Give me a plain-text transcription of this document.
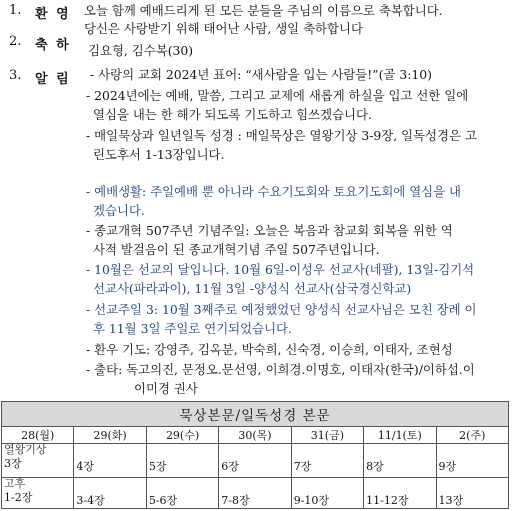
1. 환 영 오늘 함께 예배드리게 된 모든 분들을 주님의 이름으로 축복합니다.
2. 축 하
당신은 사랑받기 위해 태어난 사람, 생일 축하합니다
김요형, 김수복(30)
3. 알 림 - 사랑의 교회 2024년 표어: “새사람을 입는 사람들!”(골 3:10)
- 2024년에는 예배, 말씀, 그리고 교제에 새롭게 하실을 입고 선한 일에
열심을 내는 한 해가 되도록 기도하고 힘쓰겠습니다.
- 매일묵상과 일년일독 성경 : 매일묵상은 열왕기상 3-9장, 일독성경은 고
린도후서 1-13장입니다.
- 예배생활: 주일예배 뿐 아니라 수요기도회와 토요기도회에 열심을 내
겠습니다.
- 종교개혁 507주년 기념주일: 오늘은 복음과 참교회 회복을 위한 역
사적 발걸음이 된 종교개혁기념 주일 507주년입니다.
- 10월은 선교의 달입니다. 10월 6일-이성우 선교사(네팔), 13일-김기석
선교사(파라과이), 11월 3일 -양성식 선교사(삼국경신학교)
- 선교주일 3: 10월 3째주로 예정했었던 양성식 선교사님은 모친 장례 이
후 11월 3일 주일로 연기되었습니다.
- 환우 기도: 강영주, 김옥분, 박숙희, 신숙경, 이승희, 이태자, 조현성
- 출타: 독고의진, 문정오.문선영, 이희경.이명호, 이태자(한국)/이하섭.이
이미경 권사
묵상본문/일독성경 본문						
28(월)	29(화)	29(수)	30(목)	31(금)	11/1(토)	2(주)

열왕기상
3장	4장	5장	6장	7장	8장	9장

고후
1-2장	3-4장	5-6장	7-8장	9-10장	11-12장	13장
